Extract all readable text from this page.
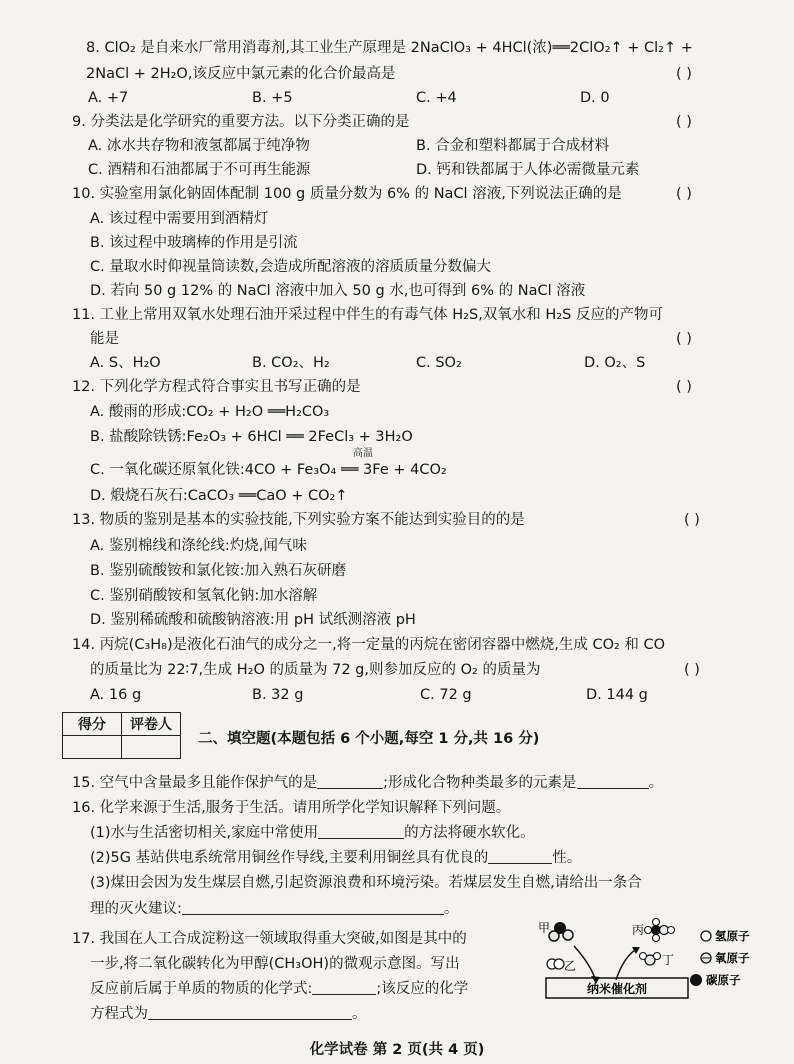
8. ClO₂ 是自来水厂常用消毒剂,其工业生产原理是 2NaClO₃ + 4HCl(浓)══2ClO₂↑ + Cl₂↑ +
2NaCl + 2H₂O,该反应中氯元素的化合价最高是	( )
A. +7	B. +5	C. +4	D. 0
9. 分类法是化学研究的重要方法。以下分类正确的是	( )
A. 冰水共存物和液氢都属于纯净物	B. 合金和塑料都属于合成材料
C. 酒精和石油都属于不可再生能源	D. 钙和铁都属于人体必需微量元素
10. 实验室用氯化钠固体配制 100 g 质量分数为 6% 的 NaCl 溶液,下列说法正确的是	( )
A. 该过程中需要用到酒精灯
B. 该过程中玻璃棒的作用是引流
C. 量取水时仰视量筒读数,会造成所配溶液的溶质质量分数偏大
D. 若向 50 g 12% 的 NaCl 溶液中加入 50 g 水,也可得到 6% 的 NaCl 溶液
11. 工业上常用双氧水处理石油开采过程中伴生的有毒气体 H₂S,双氧水和 H₂S 反应的产物可
能是	( )
A. S、H₂O	B. CO₂、H₂	C. SO₂	D. O₂、S
12. 下列化学方程式符合事实且书写正确的是	( )
A. 酸雨的形成:CO₂ + H₂O ══H₂CO₃
B. 盐酸除铁锈:Fe₂O₃ + 6HCl ══ 2FeCl₃ + 3H₂O
高温
C. 一氧化碳还原氧化铁:4CO + Fe₃O₄ ══ 3Fe + 4CO₂
D. 煅烧石灰石:CaCO₃ ══CaO + CO₂↑
13. 物质的鉴别是基本的实验技能,下列实验方案不能达到实验目的的是	( )
A. 鉴别棉线和涤纶线:灼烧,闻气味
B. 鉴别硫酸铵和氯化铵:加入熟石灰研磨
C. 鉴别硝酸铵和氢氧化钠:加水溶解
D. 鉴别稀硫酸和硫酸钠溶液:用 pH 试纸测溶液 pH
14. 丙烷(C₃H₈)是液化石油气的成分之一,将一定量的丙烷在密闭容器中燃烧,生成 CO₂ 和 CO
的质量比为 22∶7,生成 H₂O 的质量为 72 g,则参加反应的 O₂ 的质量为	( )
A. 16 g	B. 32 g	C. 72 g	D. 144 g
得分	评卷人

二、填空题(本题包括 6 个小题,每空 1 分,共 16 分)
15. 空气中含量最多且能作保护气的是	;形成化合物种类最多的元素是	。
16. 化学来源于生活,服务于生活。请用所学化学知识解释下列问题。
(1)水与生活密切相关,家庭中常使用	的方法将硬水软化。
(2)5G 基站供电系统常用铜丝作导线,主要利用铜丝具有优良的	性。
(3)煤田会因为发生煤层自燃,引起资源浪费和环境污染。若煤层发生自燃,请给出一条合
理的灭火建议:	。
17. 我国在人工合成淀粉这一领域取得重大突破,如图是其中的
一步,将二氧化碳转化为甲醇(CH₃OH)的微观示意图。写出
反应前后属于单质的物质的化学式:	;该反应的化学
方程式为	。
甲
乙
丙
丁
纳米催化剂
氢原子
氧原子
碳原子
化学试卷 第 2 页(共 4 页)
